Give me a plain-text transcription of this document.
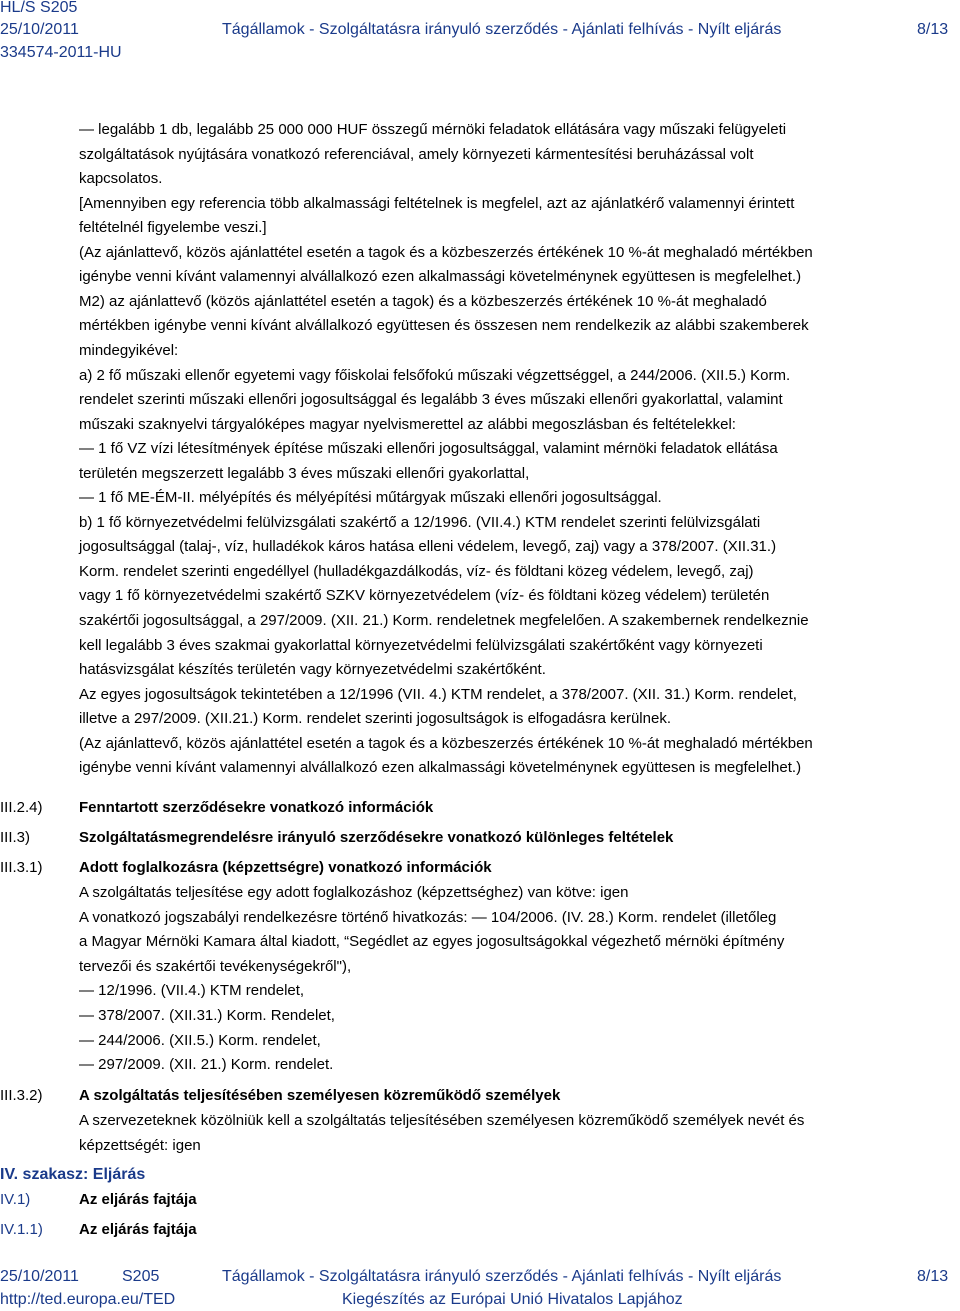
HL/S S205
25/10/2011	Tágállamok - Szolgáltatásra irányuló szerződés - Ajánlati felhívás - Nyílt eljárás	8/13
334574-2011-HU
— legalább 1 db, legalább 25 000 000 HUF összegű mérnöki feladatok ellátására vagy műszaki felügyeleti
szolgáltatások nyújtására vonatkozó referenciával, amely környezeti kármentesítési beruházással volt
kapcsolatos.
[Amennyiben egy referencia több alkalmassági feltételnek is megfelel, azt az ajánlatkérő valamennyi érintett
feltételnél figyelembe veszi.]
(Az ajánlattevő, közös ajánlattétel esetén a tagok és a közbeszerzés értékének 10 %-át meghaladó mértékben
igénybe venni kívánt valamennyi alvállalkozó ezen alkalmassági követelménynek együttesen is megfelelhet.)
M2) az ajánlattevő (közös ajánlattétel esetén a tagok) és a közbeszerzés értékének 10 %-át meghaladó
mértékben igénybe venni kívánt alvállalkozó együttesen és összesen nem rendelkezik az alábbi szakemberek
mindegyikével:
a) 2 fő műszaki ellenőr egyetemi vagy főiskolai felsőfokú műszaki végzettséggel, a 244/2006. (XII.5.) Korm.
rendelet szerinti műszaki ellenőri jogosultsággal és legalább 3 éves műszaki ellenőri gyakorlattal, valamint
műszaki szaknyelvi tárgyalóképes magyar nyelvismerettel az alábbi megoszlásban és feltételekkel:
— 1 fő VZ vízi létesítmények építése műszaki ellenőri jogosultsággal, valamint mérnöki feladatok ellátása
területén megszerzett legalább 3 éves műszaki ellenőri gyakorlattal,
— 1 fő ME-ÉM-II. mélyépítés és mélyépítési műtárgyak műszaki ellenőri jogosultsággal.
b) 1 fő környezetvédelmi felülvizsgálati szakértő a 12/1996. (VII.4.) KTM rendelet szerinti felülvizsgálati
jogosultsággal (talaj-, víz, hulladékok káros hatása elleni védelem, levegő, zaj) vagy a 378/2007. (XII.31.)
Korm. rendelet szerinti engedéllyel (hulladékgazdálkodás, víz- és földtani közeg védelem, levegő, zaj)
vagy 1 fő környezetvédelmi szakértő SZKV környezetvédelem (víz- és földtani közeg védelem) területén
szakértői jogosultsággal, a 297/2009. (XII. 21.) Korm. rendeletnek megfelelően. A szakembernek rendelkeznie
kell legalább 3 éves szakmai gyakorlattal környezetvédelmi felülvizsgálati szakértőként vagy környezeti
hatásvizsgálat készítés területén vagy környezetvédelmi szakértőként.
Az egyes jogosultságok tekintetében a 12/1996 (VII. 4.) KTM rendelet, a 378/2007. (XII. 31.) Korm. rendelet,
illetve a 297/2009. (XII.21.) Korm. rendelet szerinti jogosultságok is elfogadásra kerülnek.
(Az ajánlattevő, közös ajánlattétel esetén a tagok és a közbeszerzés értékének 10 %-át meghaladó mértékben
igénybe venni kívánt valamennyi alvállalkozó ezen alkalmassági követelménynek együttesen is megfelelhet.)
III.2.4) Fenntartott szerződésekre vonatkozó információk
III.3)	Szolgáltatásmegrendelésre irányuló szerződésekre vonatkozó különleges feltételek
III.3.1) Adott foglalkozásra (képzettségre) vonatkozó információk
A szolgáltatás teljesítése egy adott foglalkozáshoz (képzettséghez) van kötve: igen
A vonatkozó jogszabályi rendelkezésre történő hivatkozás: — 104/2006. (IV. 28.) Korm. rendelet (illetőleg
a Magyar Mérnöki Kamara által kiadott, “Segédlet az egyes jogosultságokkal végezhető mérnöki építmény
tervezői és szakértői tevékenységekről"),
— 12/1996. (VII.4.) KTM rendelet,
— 378/2007. (XII.31.) Korm. Rendelet,
— 244/2006. (XII.5.) Korm. rendelet,
— 297/2009. (XII. 21.) Korm. rendelet.
III.3.2) A szolgáltatás teljesítésében személyesen közreműködő személyek
A szervezeteknek közölniük kell a szolgáltatás teljesítésében személyesen közreműködő személyek nevét és
képzettségét: igen
IV. szakasz: Eljárás
IV.1)	Az eljárás fajtája
IV.1.1) Az eljárás fajtája
25/10/2011	S205	Tágállamok - Szolgáltatásra irányuló szerződés - Ajánlati felhívás - Nyílt eljárás	8/13
http://ted.europa.eu/TED	Kiegészítés az Európai Unió Hivatalos Lapjához
